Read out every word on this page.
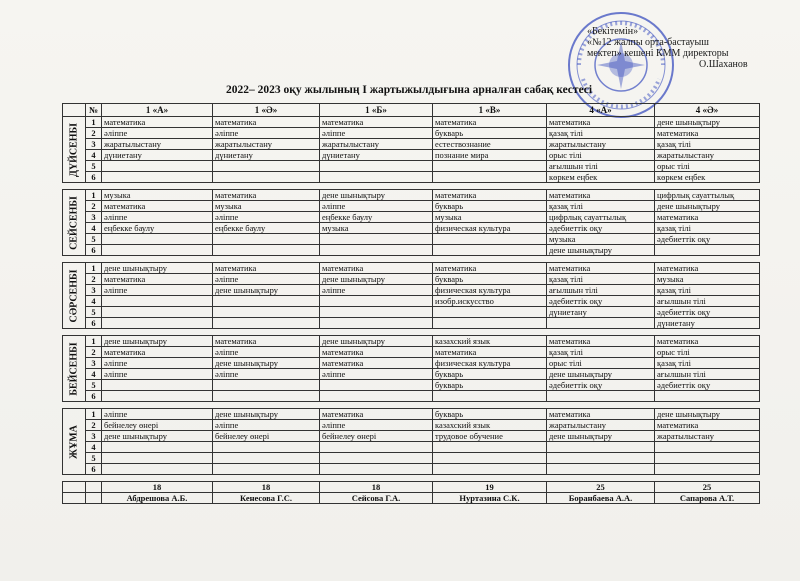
«Бекітемін»
«№12 жалпы орта-бастауыш
мектеп» кешені КММ директоры
О.Шаханов
2022– 2023 оқу жылының І жартыжылдығына арналған сабақ кестесі
	№	1 «А»	1 «Ә»	1 «Б»	1 «В»	4 «А»	4 «Ә»

ДҮЙСЕНБІ	1	математика	математика	математика	математика	математика	дене шынықтыру
	2	әліппе	әліппе	әліппе	букварь	қазақ тілі	математика
	3	жаратылыстану	жаратылыстану	жаратылыстану	естествознание	жаратылыстану	қазақ тілі
	4	дүниетану	дүниетану	дүниетану	познание мира	орыс тілі	жаратылыстану
	5					ағылшын тілі	орыс тілі
	6					көркем еңбек	көркем еңбек

СЕЙСЕНБІ	1	музыка	математика	дене шынықтыру	математика	математика	цифрлық сауаттылық
	2	математика	музыка	әліппе	букварь	қазақ тілі	дене шынықтыру
	3	әліппе	әліппе	еңбекке баулу	музыка	цифрлық сауаттылық	математика
	4	еңбекке баулу	еңбекке баулу	музыка	физическая культура	әдебиеттік оқу	қазақ тілі
	5					музыка	әдебиеттік оқу
	6					дене шынықтыру	

СӘРСЕНБІ	1	дене шынықтыру	математика	математика	математика	математика	математика
	2	математика	әліппе	дене шынықтыру	букварь	қазақ тілі	музыка
	3	әліппе	дене шынықтыру	әліппе	физическая культура	ағылшын тілі	қазақ тілі
	4				изобр.искусство	әдебиеттік оқу	ағылшын тілі
	5					дүниетану	әдебиеттік оқу
	6						дүниетану

БЕЙСЕНБІ	1	дене шынықтыру	математика	дене шынықтыру	казахский язык	математика	математика
	2	математика	әліппе	математика	математика	қазақ тілі	орыс тілі
	3	әліппе	дене шынықтыру	математика	физическая культура	орыс тілі	қазақ тілі
	4	әліппе	әліппе	әліппе	букварь	дене шынықтыру	ағылшын тілі
	5				букварь	әдебиеттік оқу	әдебиеттік оқу
	6						

ЖҰМА	1	әліппе	дене шынықтыру	математика	букварь	математика	дене шынықтыру
	2	бейнелеу өнері	әліппе	әліппе	казахский язык	жаратылыстану	математика
	3	дене шынықтыру	бейнелеу өнері	бейнелеу өнері	трудовое обучение	дене шынықтыру	жаратылыстану
	4						
	5						
	6						

		18	18	18	19	25	25
		Абдрешова А.Б.	Кенесова Г.С.	Сейсова Г.А.	Нуртазина С.К.	Боранбаева А.А.	Сапарова А.Т.
